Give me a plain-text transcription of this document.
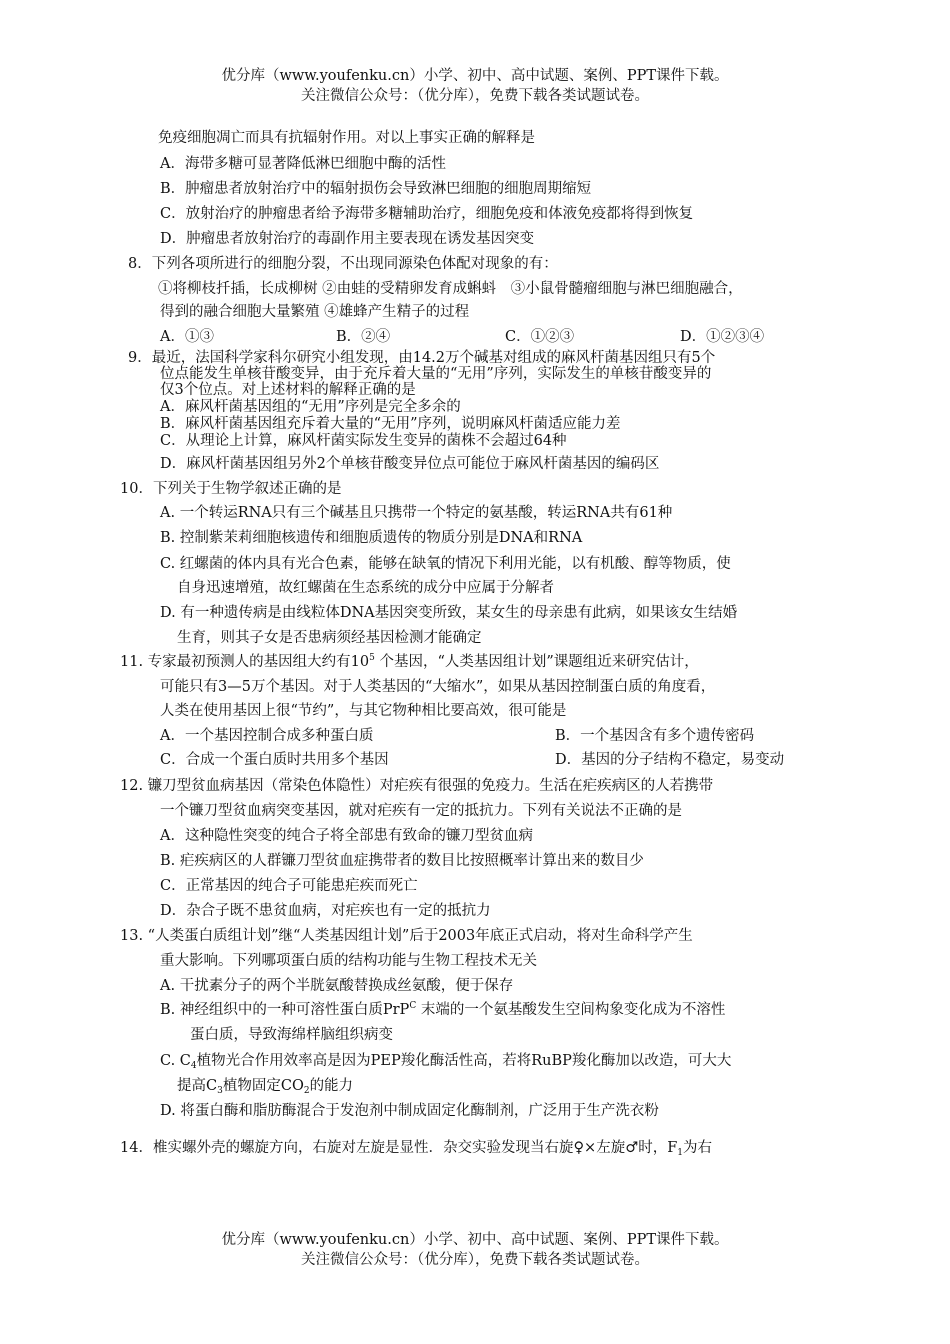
优分库（www.youfenku.cn）小学、初中、高中试题、案例、PPT课件下载。
关注微信公众号：（优分库），免费下载各类试题试卷。
免疫细胞凋亡而具有抗辐射作用。对以上事实正确的解释是
A．海带多糖可显著降低淋巴细胞中酶的活性
B．肿瘤患者放射治疗中的辐射损伤会导致淋巴细胞的细胞周期缩短
C．放射治疗的肿瘤患者给予海带多糖辅助治疗，细胞免疫和体液免疫都将得到恢复
D．肿瘤患者放射治疗的毒副作用主要表现在诱发基因突变
8．下列各项所进行的细胞分裂，不出现同源染色体配对现象的有：
①将柳枝扦插，长成柳树 ②由蛙的受精卵发育成蝌蚪　③小鼠骨髓瘤细胞与淋巴细胞融合，
得到的融合细胞大量繁殖 ④雄蜂产生精子的过程
A．①③	B．②④	C．①②③	D．①②③④
9．最近，法国科学家科尔研究小组发现，由14.2万个碱基对组成的麻风杆菌基因组只有5个
位点能发生单核苷酸变异，由于充斥着大量的“无用”序列，实际发生的单核苷酸变异的
仅3个位点。对上述材料的解释正确的是
A．麻风杆菌基因组的“无用”序列是完全多余的
B．麻风杆菌基因组充斥着大量的“无用”序列，说明麻风杆菌适应能力差
C．从理论上计算，麻风杆菌实际发生变异的菌株不会超过64种
D．麻风杆菌基因组另外2个单核苷酸变异位点可能位于麻风杆菌基因的编码区
10．下列关于生物学叙述正确的是
A. 一个转运RNA只有三个碱基且只携带一个特定的氨基酸，转运RNA共有61种
B. 控制紫茉莉细胞核遗传和细胞质遗传的物质分别是DNA和RNA
C. 红螺菌的体内具有光合色素，能够在缺氧的情况下利用光能，以有机酸、醇等物质，使
自身迅速增殖，故红螺菌在生态系统的成分中应属于分解者
D. 有一种遗传病是由线粒体DNA基因突变所致，某女生的母亲患有此病，如果该女生结婚
生育，则其子女是否患病须经基因检测才能确定
11. 专家最初预测人的基因组大约有$10^5$ 个基因，“人类基因组计划”课题组近来研究估计，
可能只有3—5万个基因。对于人类基因的“大缩水”，如果从基因控制蛋白质的角度看，
人类在使用基因上很“节约”，与其它物种相比要高效，很可能是
A．一个基因控制合成多种蛋白质	B．一个基因含有多个遗传密码
C．合成一个蛋白质时共用多个基因	D．基因的分子结构不稳定，易变动
12. 镰刀型贫血病基因（常染色体隐性）对疟疾有很强的免疫力。生活在疟疾病区的人若携带
一个镰刀型贫血病突变基因，就对疟疾有一定的抵抗力。下列有关说法不正确的是
A．这种隐性突变的纯合子将全部患有致命的镰刀型贫血病
B. 疟疾病区的人群镰刀型贫血症携带者的数目比按照概率计算出来的数目少
C．正常基因的纯合子可能患疟疾而死亡
D．杂合子既不患贫血病，对疟疾也有一定的抵抗力
13. “人类蛋白质组计划”继“人类基因组计划”后于2003年底正式启动，将对生命科学产生
重大影响。下列哪项蛋白质的结构功能与生物工程技术无关
A. 干扰素分子的两个半胱氨酸替换成丝氨酸，便于保存
B. 神经组织中的一种可溶性蛋白质PrP$^C$ 末端的一个氨基酸发生空间构象变化成为不溶性
蛋白质，导致海绵样脑组织病变
C. $C_4$植物光合作用效率高是因为PEP羧化酶活性高，若将RuBP羧化酶加以改造，可大大
提高$C_3$植物固定$CO_2$的能力
D. 将蛋白酶和脂肪酶混合于发泡剂中制成固定化酶制剂，广泛用于生产洗衣粉
14．椎实螺外壳的螺旋方向，右旋对左旋是显性．杂交实验发现当右旋♀×左旋♂时，$F_1$为右
优分库（www.youfenku.cn）小学、初中、高中试题、案例、PPT课件下载。
关注微信公众号：（优分库），免费下载各类试题试卷。
